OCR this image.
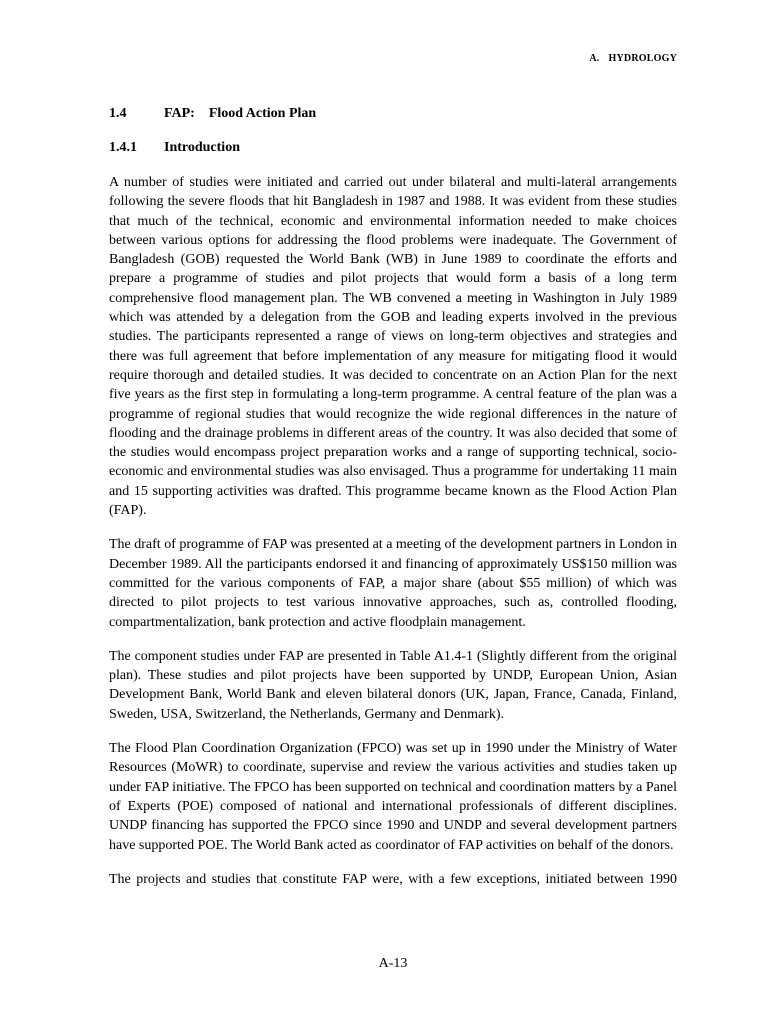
A. HYDROLOGY
1.4	FAP:    Flood Action Plan
1.4.1	Introduction

A number of studies were initiated and carried out under bilateral and multi-lateral arrangements following the severe floods that hit Bangladesh in 1987 and 1988. It was evident from these studies that much of the technical, economic and environmental information needed to make choices between various options for addressing the flood problems were inadequate. The Government of Bangladesh (GOB) requested the World Bank (WB) in June 1989 to coordinate the efforts and prepare a programme of studies and pilot projects that would form a basis of a long term comprehensive flood management plan. The WB convened a meeting in Washington in July 1989 which was attended by a delegation from the GOB and leading experts involved in the previous studies. The participants represented a range of views on long-term objectives and strategies and there was full agreement that before implementation of any measure for mitigating flood it would require thorough and detailed studies. It was decided to concentrate on an Action Plan for the next five years as the first step in formulating a long-term programme. A central feature of the plan was a programme of regional studies that would recognize the wide regional differences in the nature of flooding and the drainage problems in different areas of the country. It was also decided that some of the studies would encompass project preparation works and a range of supporting technical, socio-economic and environmental studies was also envisaged. Thus a programme for undertaking 11 main and 15 supporting activities was drafted. This programme became known as the Flood Action Plan (FAP).

The draft of programme of FAP was presented at a meeting of the development partners in London in December 1989. All the participants endorsed it and financing of approximately US$150 million was committed for the various components of FAP, a major share (about $55 million) of which was directed to pilot projects to test various innovative approaches, such as, controlled flooding, compartmentalization, bank protection and active floodplain management.

The component studies under FAP are presented in Table A1.4-1 (Slightly different from the original plan). These studies and pilot projects have been supported by UNDP, European Union, Asian Development Bank, World Bank and eleven bilateral donors (UK, Japan, France, Canada, Finland, Sweden, USA, Switzerland, the Netherlands, Germany and Denmark).

The Flood Plan Coordination Organization (FPCO) was set up in 1990 under the Ministry of Water Resources (MoWR) to coordinate, supervise and review the various activities and studies taken up under FAP initiative. The FPCO has been supported on technical and coordination matters by a Panel of Experts (POE) composed of national and international professionals of different disciplines. UNDP financing has supported the FPCO since 1990 and UNDP and several development partners have supported POE. The World Bank acted as coordinator of FAP activities on behalf of the donors.

The projects and studies that constitute FAP were, with a few exceptions, initiated between 1990

A-13
